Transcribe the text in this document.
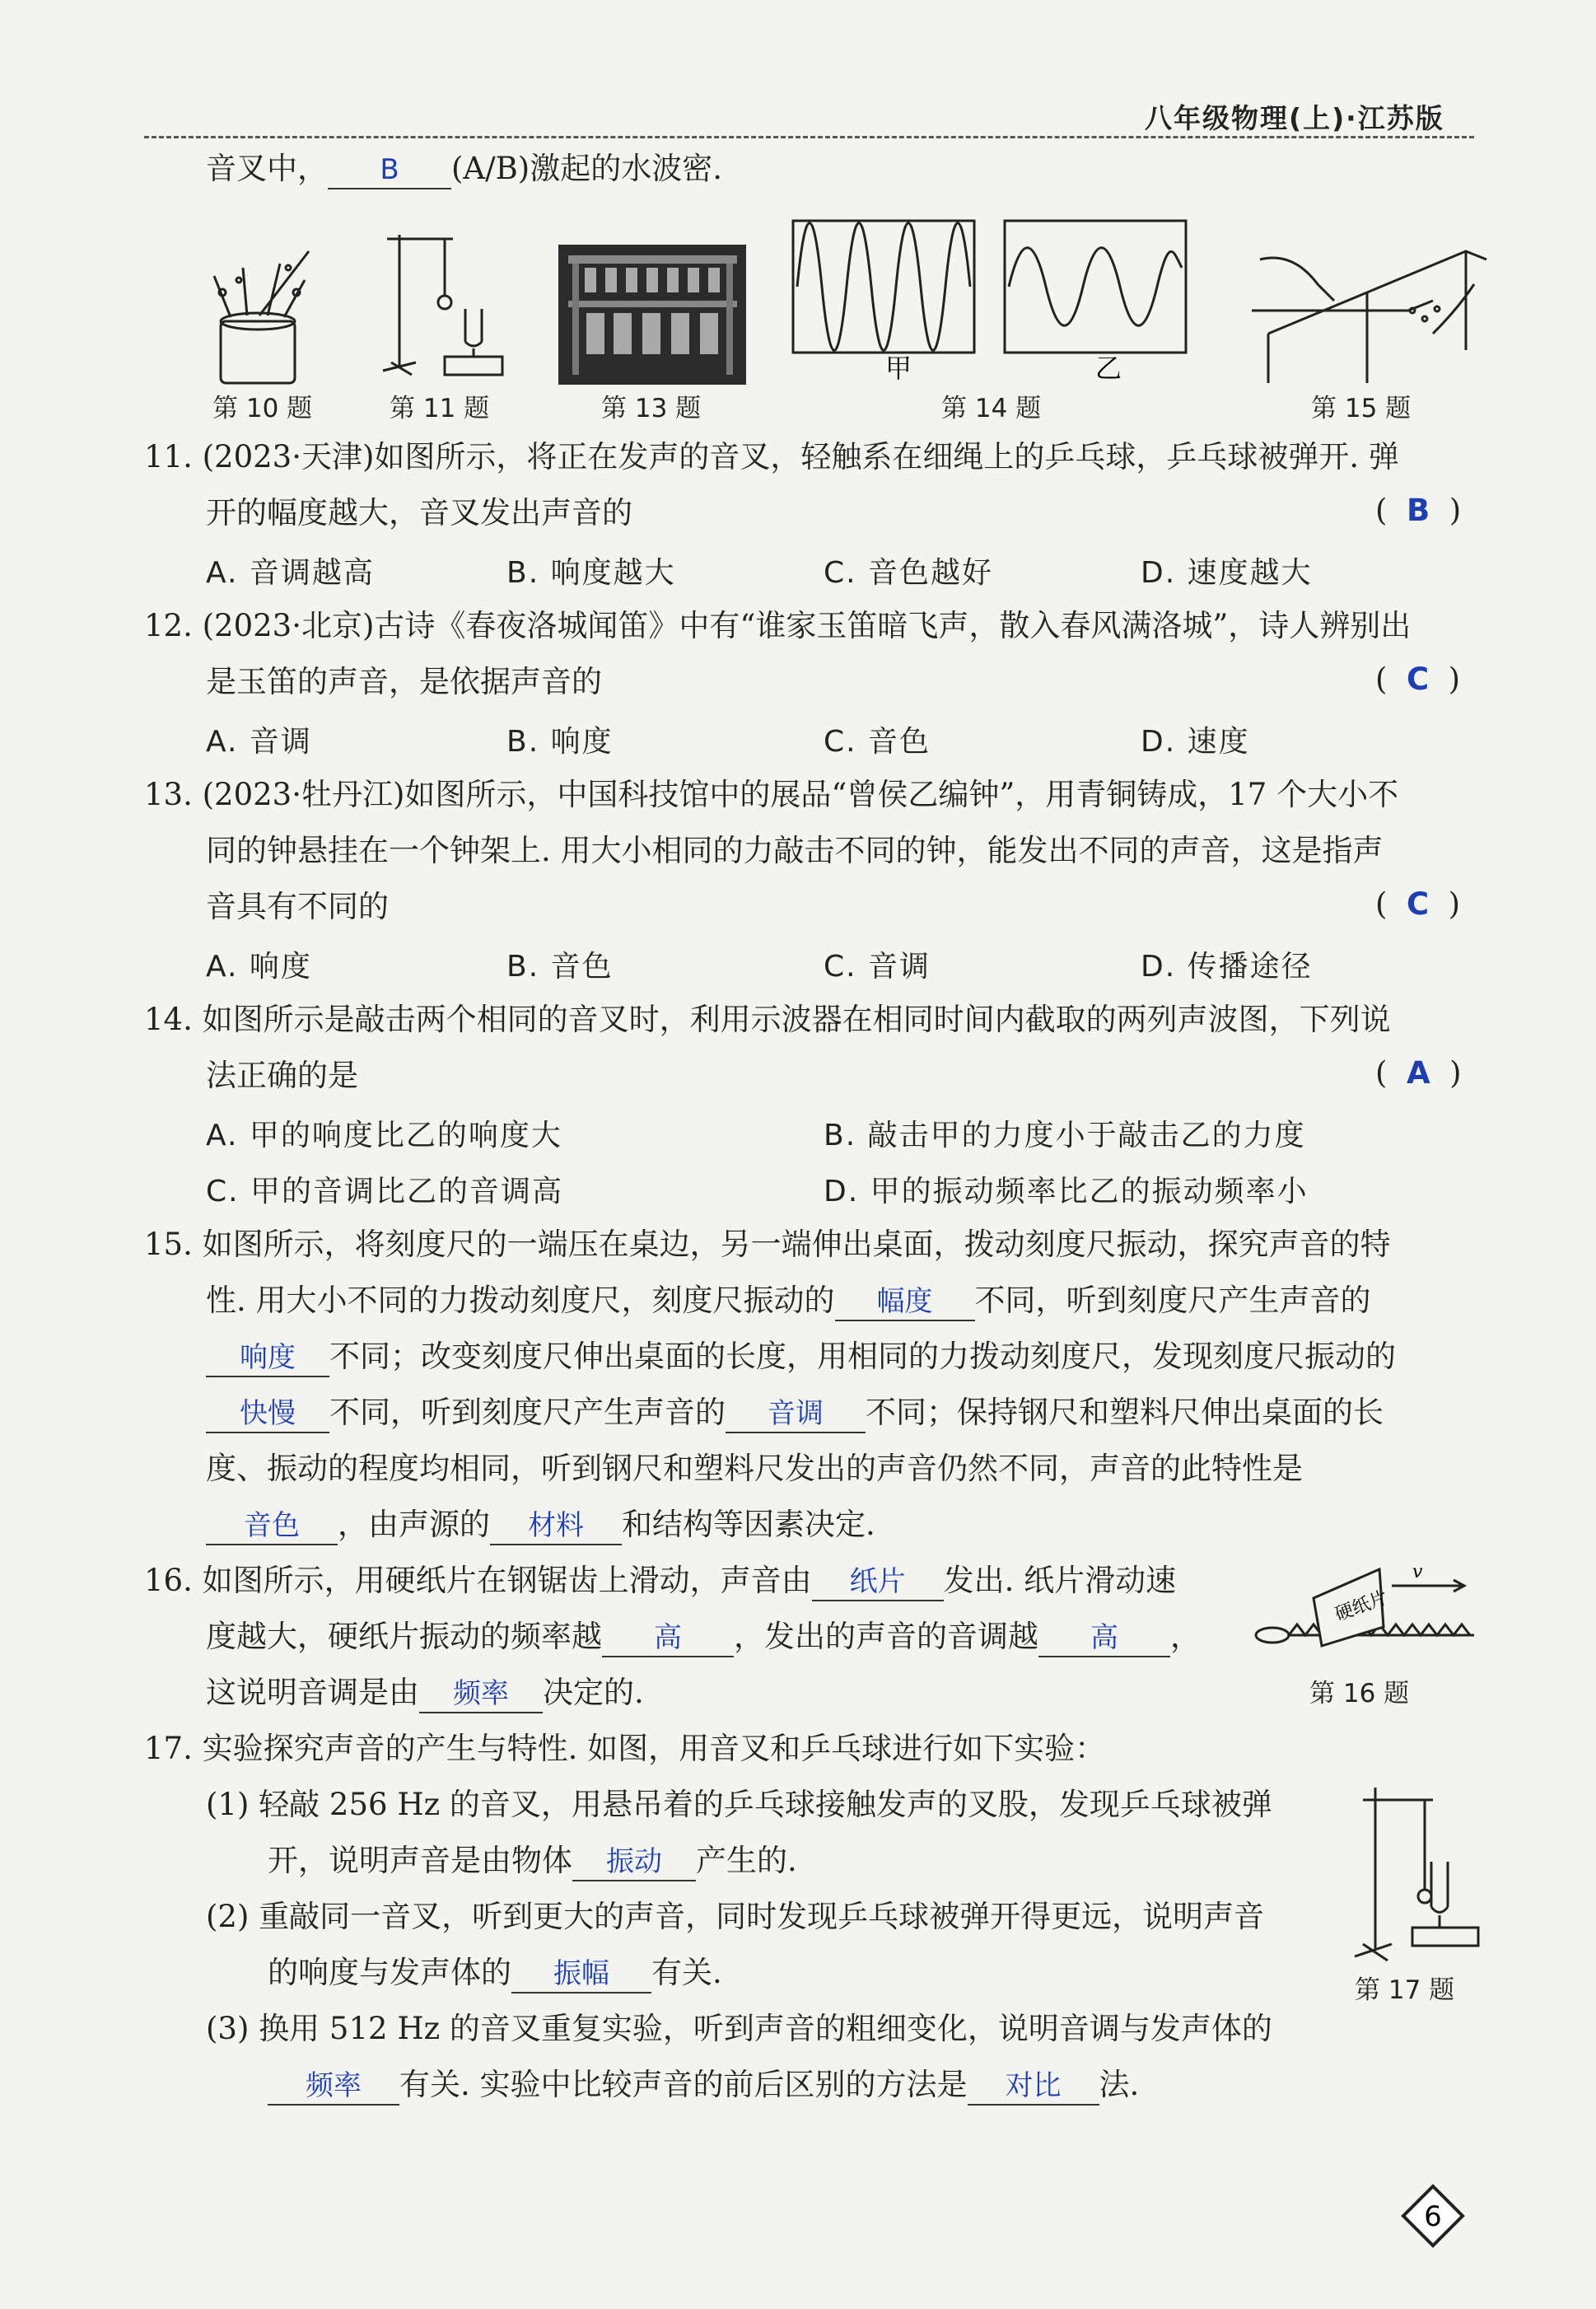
八年级物理(上)·江苏版
音叉中， B (A/B)激起的水波密.
甲	乙
第 10 题	第 11 题	第 13 题	第 14 题	第 15 题
11. (2023·天津)如图所示，将正在发声的音叉，轻触系在细绳上的乒乓球，乒乓球被弹开. 弹
开的幅度越大，音叉发出声音的	(  B  )
A. 音调越高	B. 响度越大	C. 音色越好	D. 速度越大
12. (2023·北京)古诗《春夜洛城闻笛》中有“谁家玉笛暗飞声，散入春风满洛城”，诗人辨别出
是玉笛的声音，是依据声音的	(  C  )
A. 音调	B. 响度	C. 音色	D. 速度
13. (2023·牡丹江)如图所示，中国科技馆中的展品“曾侯乙编钟”，用青铜铸成，17 个大小不
同的钟悬挂在一个钟架上. 用大小相同的力敲击不同的钟，能发出不同的声音，这是指声
音具有不同的	(  C  )
A. 响度	B. 音色	C. 音调	D. 传播途径
14. 如图所示是敲击两个相同的音叉时，利用示波器在相同时间内截取的两列声波图，下列说
法正确的是	(  A  )
A. 甲的响度比乙的响度大	B. 敲击甲的力度小于敲击乙的力度
C. 甲的音调比乙的音调高	D. 甲的振动频率比乙的振动频率小
15. 如图所示，将刻度尺的一端压在桌边，另一端伸出桌面，拨动刻度尺振动，探究声音的特
性. 用大小不同的力拨动刻度尺，刻度尺振动的 幅度 不同，听到刻度尺产生声音的
响度 不同；改变刻度尺伸出桌面的长度，用相同的力拨动刻度尺，发现刻度尺振动的
快慢 不同，听到刻度尺产生声音的 音调 不同；保持钢尺和塑料尺伸出桌面的长
度、振动的程度均相同，听到钢尺和塑料尺发出的声音仍然不同，声音的此特性是
音色 ，由声源的 材料 和结构等因素决定.
16. 如图所示，用硬纸片在钢锯齿上滑动，声音由 纸片 发出. 纸片滑动速
度越大，硬纸片振动的频率越 高 ，发出的声音的音调越 高 ，
这说明音调是由 频率 决定的.
硬纸片
v
第 16 题
17. 实验探究声音的产生与特性. 如图，用音叉和乒乓球进行如下实验：
(1) 轻敲 256 Hz 的音叉，用悬吊着的乒乓球接触发声的叉股，发现乒乓球被弹
开，说明声音是由物体 振动 产生的.
(2) 重敲同一音叉，听到更大的声音，同时发现乒乓球被弹开得更远，说明声音
的响度与发声体的 振幅 有关.
(3) 换用 512 Hz 的音叉重复实验，听到声音的粗细变化，说明音调与发声体的
频率 有关. 实验中比较声音的前后区别的方法是 对比 法.
第 17 题
6
